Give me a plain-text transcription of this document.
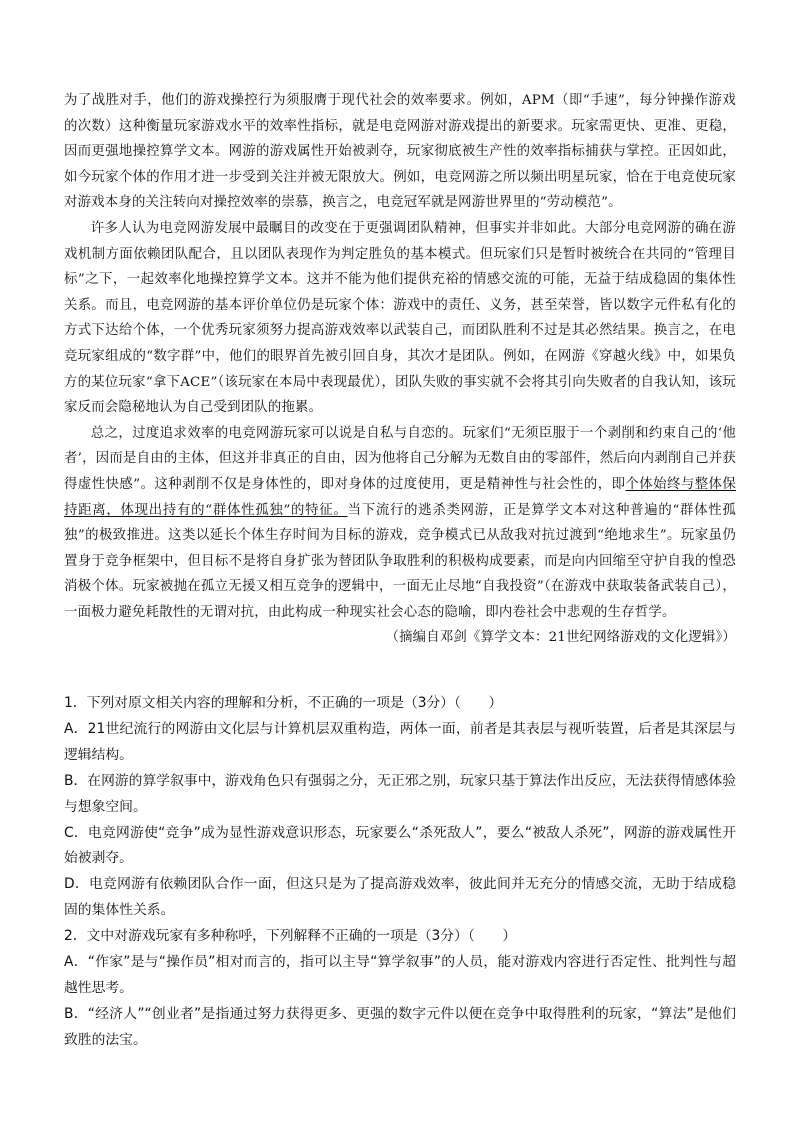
为了战胜对手，他们的游戏操控行为须服膺于现代社会的效率要求。例如，APM（即“手速”，每分钟操作游戏的次数）这种衡量玩家游戏水平的效率性指标，就是电竞网游对游戏提出的新要求。玩家需更快、更准、更稳，因而更强地操控算学文本。网游的游戏属性开始被剥夺，玩家彻底被生产性的效率指标捕获与掌控。正因如此，如今玩家个体的作用才进一步受到关注并被无限放大。例如，电竞网游之所以频出明星玩家，恰在于电竞使玩家对游戏本身的关注转向对操控效率的崇慕，换言之，电竞冠军就是网游世界里的“劳动模范”。

许多人认为电竞网游发展中最瞩目的改变在于更强调团队精神，但事实并非如此。大部分电竞网游的确在游戏机制方面依赖团队配合，且以团队表现作为判定胜负的基本模式。但玩家们只是暂时被统合在共同的“管理目标”之下，一起效率化地操控算学文本。这并不能为他们提供充裕的情感交流的可能，无益于结成稳固的集体性关系。而且，电竞网游的基本评价单位仍是玩家个体：游戏中的责任、义务，甚至荣誉，皆以数字元件私有化的方式下达给个体，一个优秀玩家须努力提高游戏效率以武装自己，而团队胜利不过是其必然结果。换言之，在电竞玩家组成的“数字群”中，他们的眼界首先被引回自身，其次才是团队。例如，在网游《穿越火线》中，如果负方的某位玩家“拿下ACE”（该玩家在本局中表现最优），团队失败的事实就不会将其引向失败者的自我认知，该玩家反而会隐秘地认为自己受到团队的拖累。

总之，过度追求效率的电竞网游玩家可以说是自私与自恋的。玩家们“无须臣服于一个剥削和约束自己的‘他者’，因而是自由的主体，但这并非真正的自由，因为他将自己分解为无数自由的零部件，然后向内剥削自己并获得虚性快感”。这种剥削不仅是身体性的，即对身体的过度使用，更是精神性与社会性的，即个体始终与整体保持距离，体现出持有的“群体性孤独”的特征。当下流行的逃杀类网游，正是算学文本对这种普遍的“群体性孤独”的极致推进。这类以延长个体生存时间为目标的游戏，竞争模式已从敌我对抗过渡到“绝地求生”。玩家虽仍置身于竞争框架中，但目标不是将自身扩张为替团队争取胜利的积极构成要素，而是向内回缩至守护自我的惶恐消极个体。玩家被抛在孤立无援又相互竞争的逻辑中，一面无止尽地“自我投资”（在游戏中获取装备武装自己），一面极力避免耗散性的无谓对抗，由此构成一种现实社会心态的隐喻，即内卷社会中悲观的生存哲学。

（摘编自邓剑《算学文本：21世纪网络游戏的文化逻辑》）

1．下列对原文相关内容的理解和分析，不正确的一项是（3分）（　　）

A．21世纪流行的网游由文化层与计算机层双重构造，两体一面，前者是其表层与视听装置，后者是其深层与逻辑结构。

B．在网游的算学叙事中，游戏角色只有强弱之分，无正邪之别，玩家只基于算法作出反应，无法获得情感体验与想象空间。

C．电竞网游使“竞争”成为显性游戏意识形态，玩家要么“杀死敌人”，要么“被敌人杀死”，网游的游戏属性开始被剥夺。

D．电竞网游有依赖团队合作一面，但这只是为了提高游戏效率，彼此间并无充分的情感交流，无助于结成稳固的集体性关系。

2．文中对游戏玩家有多种称呼，下列解释不正确的一项是（3分）（　　）

A．“作家”是与“操作员”相对而言的，指可以主导“算学叙事”的人员，能对游戏内容进行否定性、批判性与超越性思考。

B．“经济人”“创业者”是指通过努力获得更多、更强的数字元件以便在竞争中取得胜利的玩家，“算法”是他们致胜的法宝。
